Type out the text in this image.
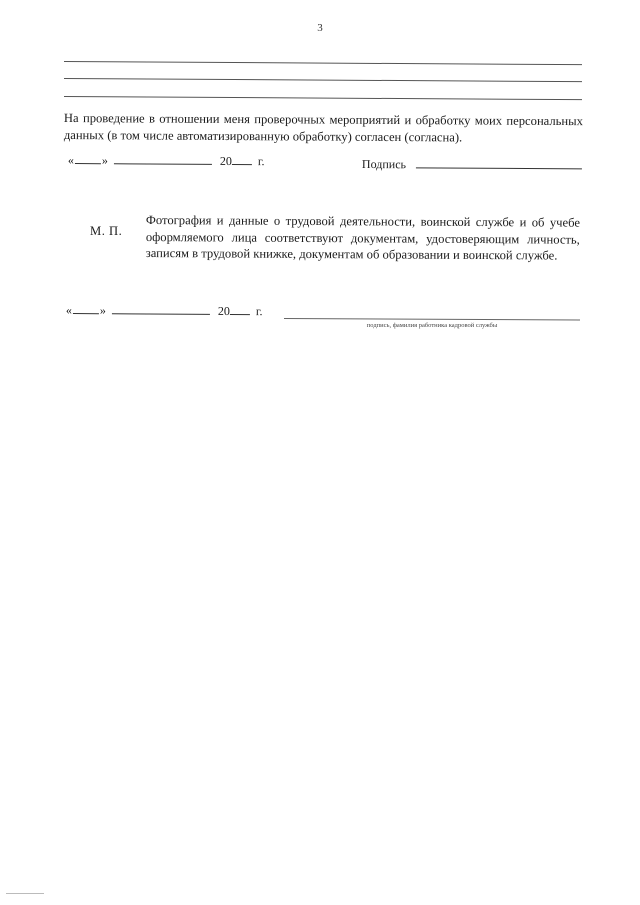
3
На проведение в отношении меня проверочных мероприятий и обработку моих персональных данных (в том числе автоматизированную обработку) согласен (согласна).
« »	20 г.	Подпись
М. П.
Фотография и данные о трудовой деятельности, воинской службе и об учебе оформляемого лица соответствуют документам, удостоверяющим личность, записям в трудовой книжке, документам об образовании и воинской службе.
« »	20 г.
подпись, фамилия работника кадровой службы
